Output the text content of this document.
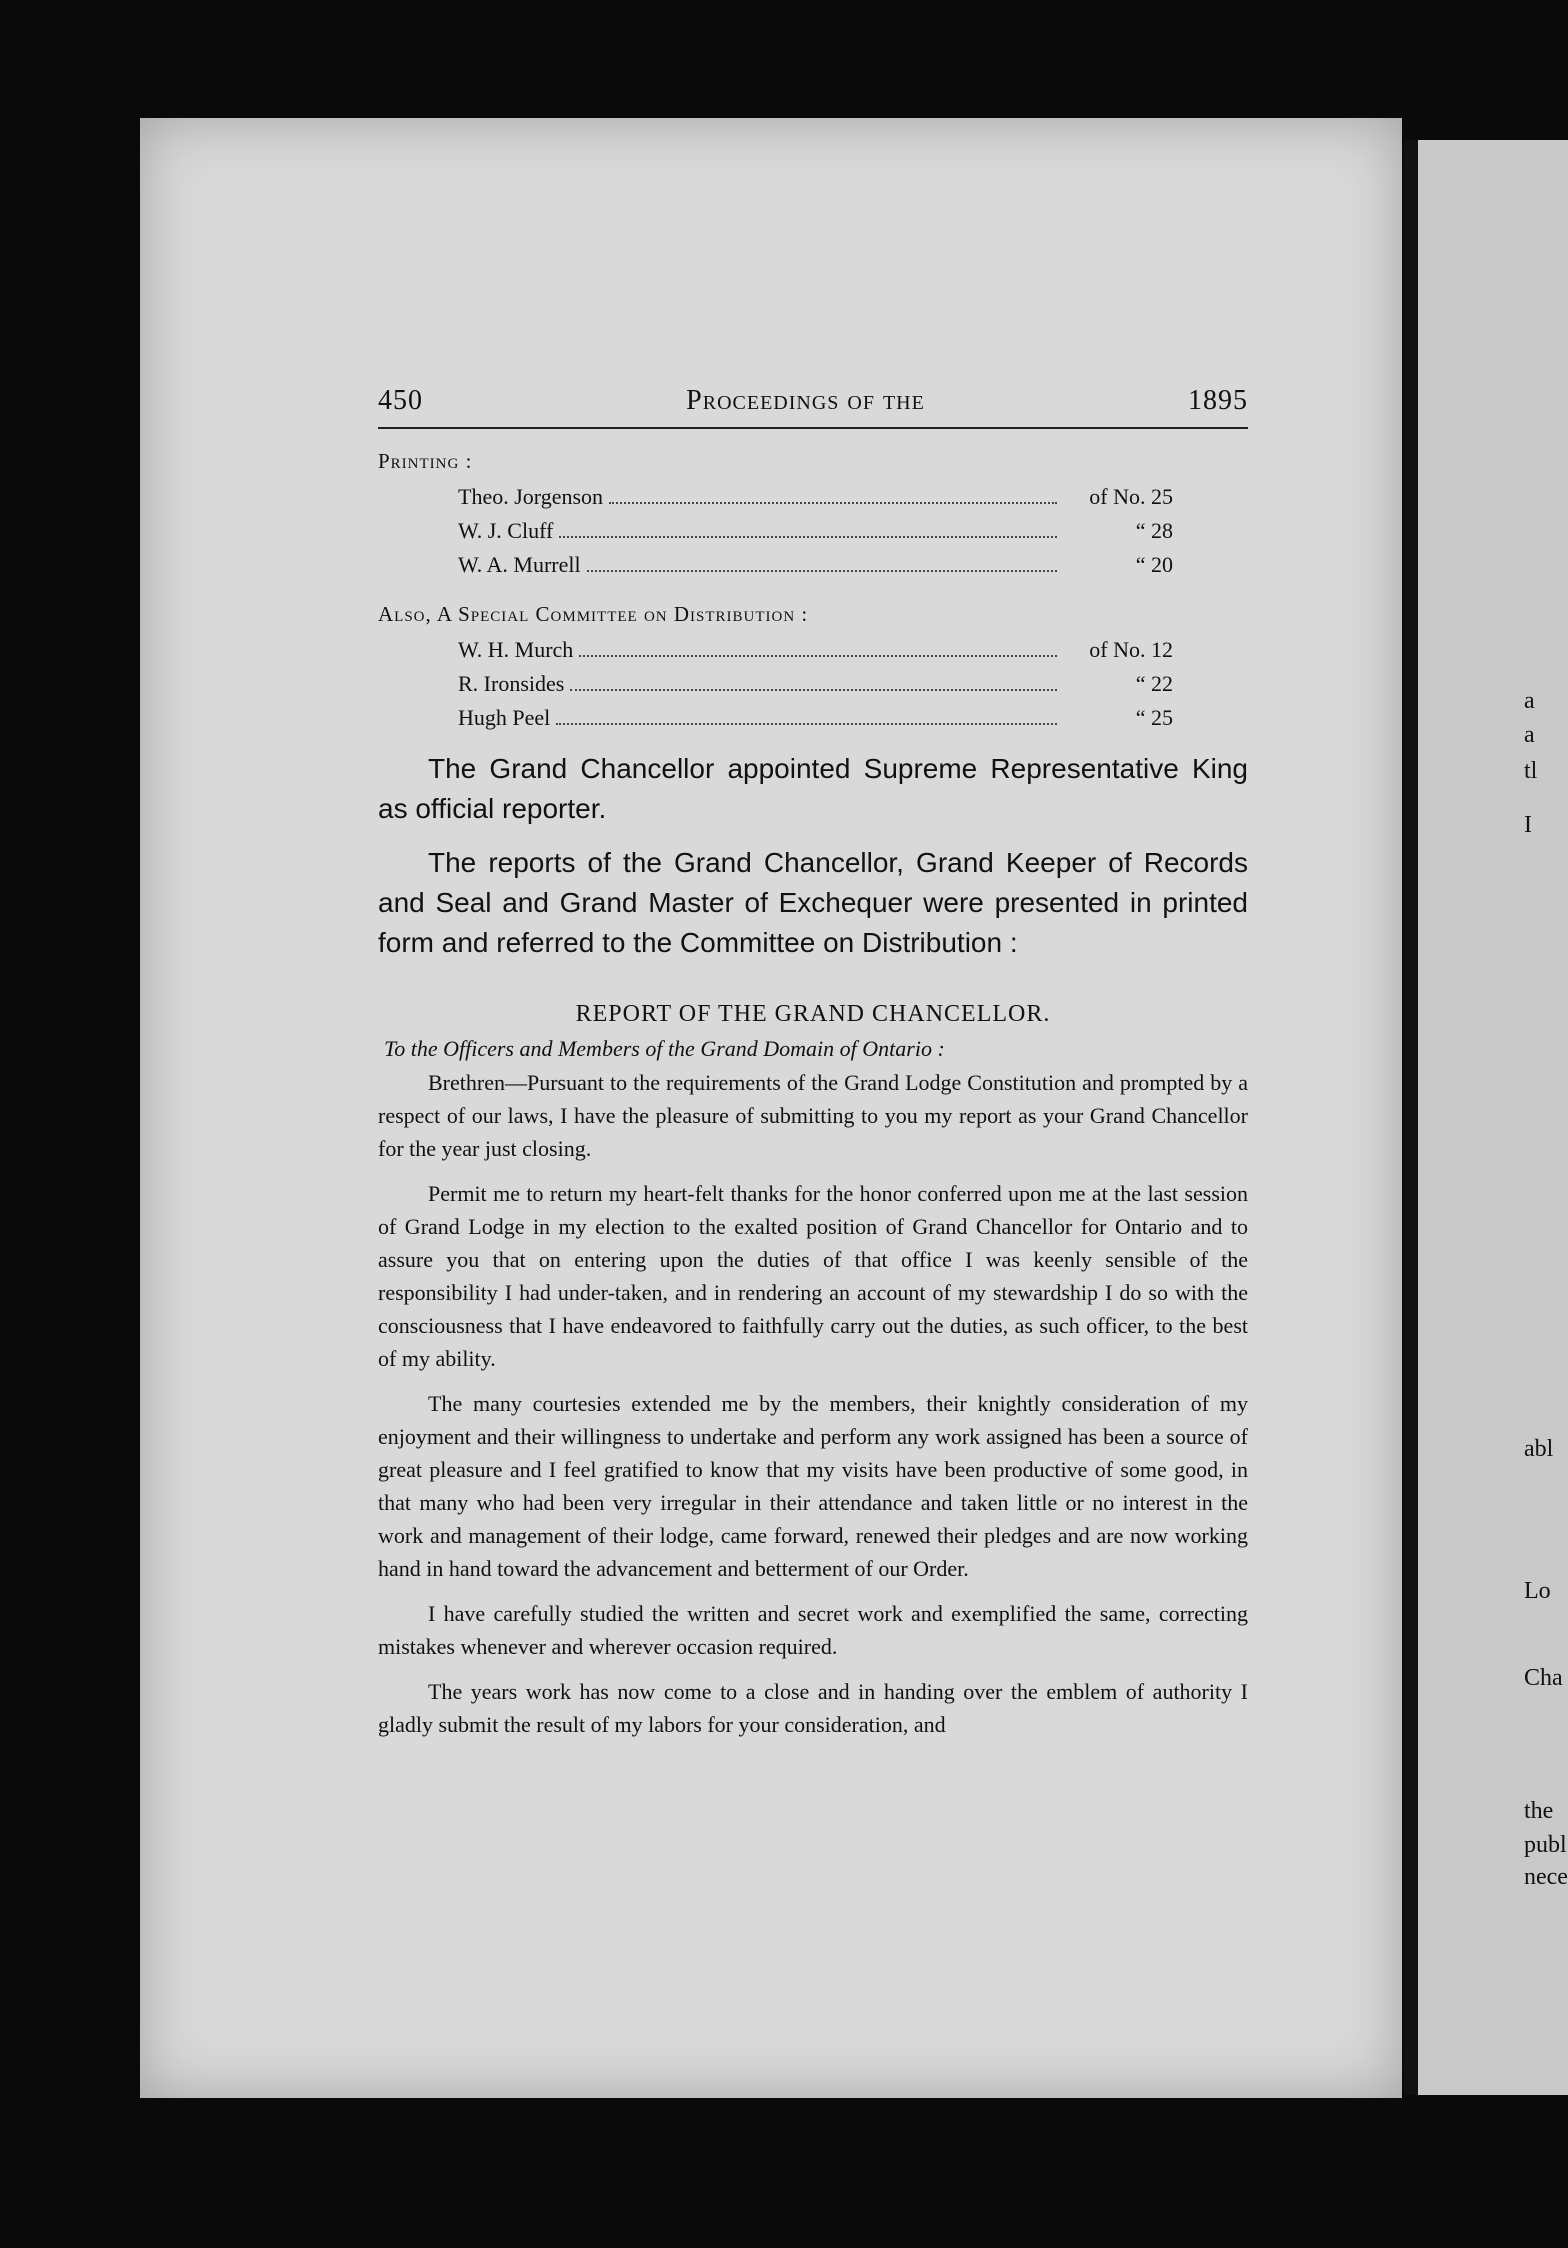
a
a
tl
I
abl
Lo
Cha
the
publ
nece
450	Proceedings of the	1895
Printing :
Theo. Jorgenson	of No. 25
W. J. Cluff	“ 28
W. A. Murrell	“ 20
Also, A Special Committee on Distribution :
W. H. Murch	of No. 12
R. Ironsides	“ 22
Hugh Peel	“ 25

The Grand Chancellor appointed Supreme Representative King as official reporter.

The reports of the Grand Chancellor, Grand Keeper of Records and Seal and Grand Master of Exchequer were presented in printed form and referred to the Committee on Distribution :

REPORT OF THE GRAND CHANCELLOR.
To the Officers and Members of the Grand Domain of Ontario :

Brethren—Pursuant to the requirements of the Grand Lodge Constitution and prompted by a respect of our laws, I have the pleasure of submitting to you my report as your Grand Chancellor for the year just closing.

Permit me to return my heart-felt thanks for the honor conferred upon me at the last session of Grand Lodge in my election to the exalted position of Grand Chancellor for Ontario and to assure you that on entering upon the duties of that office I was keenly sensible of the responsibility I had under-taken, and in rendering an account of my stewardship I do so with the consciousness that I have endeavored to faithfully carry out the duties, as such officer, to the best of my ability.

The many courtesies extended me by the members, their knightly consideration of my enjoyment and their willingness to undertake and perform any work assigned has been a source of great pleasure and I feel gratified to know that my visits have been productive of some good, in that many who had been very irregular in their attendance and taken little or no interest in the work and management of their lodge, came forward, renewed their pledges and are now working hand in hand toward the advancement and betterment of our Order.

I have carefully studied the written and secret work and exemplified the same, correcting mistakes whenever and wherever occasion required.

The years work has now come to a close and in handing over the emblem of authority I gladly submit the result of my labors for your consideration, and
